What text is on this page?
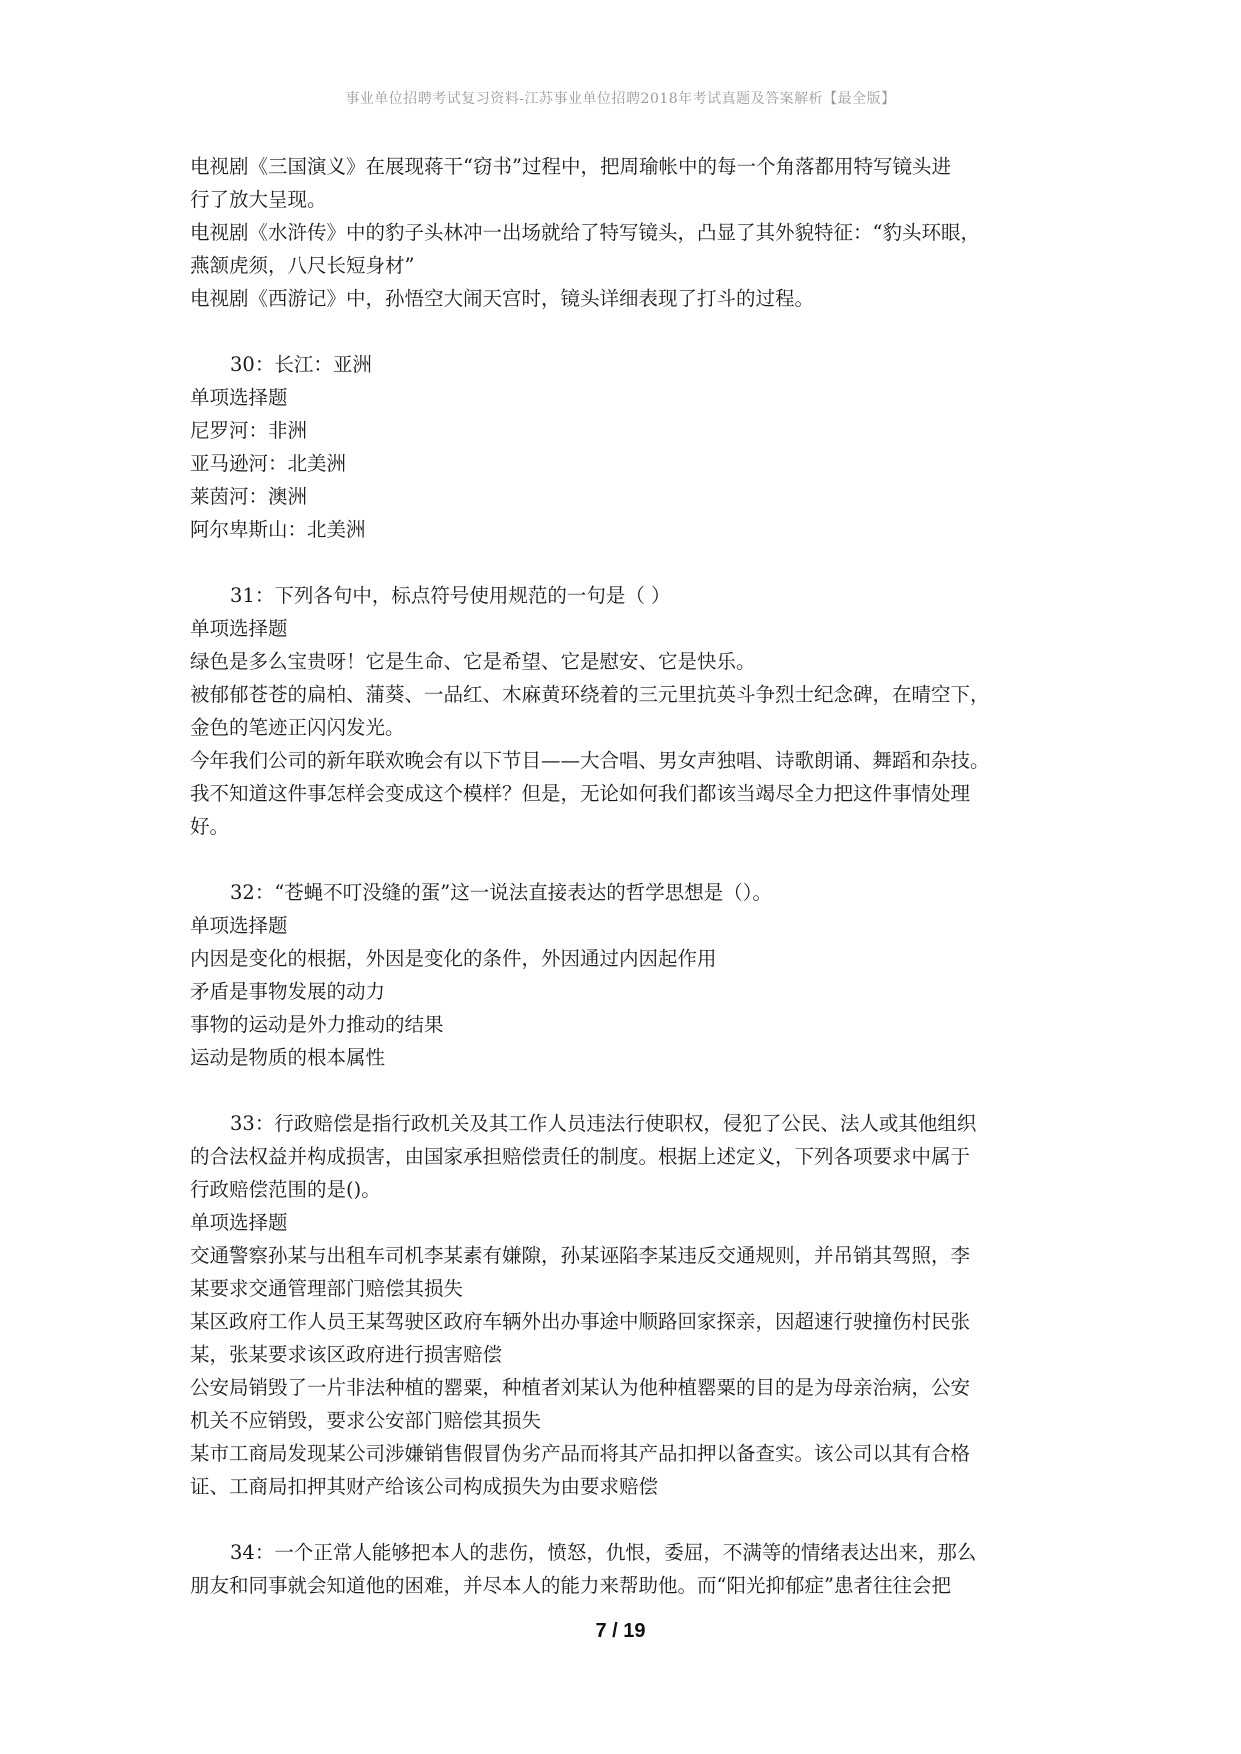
事业单位招聘考试复习资料-江苏事业单位招聘2018年考试真题及答案解析【最全版】

电视剧《三国演义》在展现蒋干“窃书”过程中，把周瑜帐中的每一个角落都用特写镜头进

行了放大呈现。

电视剧《水浒传》中的豹子头林冲一出场就给了特写镜头，凸显了其外貌特征：“豹头环眼，

燕颔虎须，八尺长短身材”

电视剧《西游记》中，孙悟空大闹天宫时，镜头详细表现了打斗的过程。

30：长江：亚洲

单项选择题

尼罗河：非洲

亚马逊河：北美洲

莱茵河：澳洲

阿尔卑斯山：北美洲

31：下列各句中，标点符号使用规范的一句是（ ）

单项选择题

绿色是多么宝贵呀！它是生命、它是希望、它是慰安、它是快乐。

被郁郁苍苍的扁柏、蒲葵、一品红、木麻黄环绕着的三元里抗英斗争烈士纪念碑，在晴空下，

金色的笔迹正闪闪发光。

今年我们公司的新年联欢晚会有以下节目——大合唱、男女声独唱、诗歌朗诵、舞蹈和杂技。

我不知道这件事怎样会变成这个模样？但是，无论如何我们都该当竭尽全力把这件事情处理

好。

32：“苍蝇不叮没缝的蛋”这一说法直接表达的哲学思想是（）。

单项选择题

内因是变化的根据，外因是变化的条件，外因通过内因起作用

矛盾是事物发展的动力

事物的运动是外力推动的结果

运动是物质的根本属性

33：行政赔偿是指行政机关及其工作人员违法行使职权，侵犯了公民、法人或其他组织

的合法权益并构成损害，由国家承担赔偿责任的制度。根据上述定义，下列各项要求中属于

行政赔偿范围的是()。

单项选择题

交通警察孙某与出租车司机李某素有嫌隙，孙某诬陷李某违反交通规则，并吊销其驾照，李

某要求交通管理部门赔偿其损失

某区政府工作人员王某驾驶区政府车辆外出办事途中顺路回家探亲，因超速行驶撞伤村民张

某，张某要求该区政府进行损害赔偿

公安局销毁了一片非法种植的罂粟，种植者刘某认为他种植罂粟的目的是为母亲治病，公安

机关不应销毁，要求公安部门赔偿其损失

某市工商局发现某公司涉嫌销售假冒伪劣产品而将其产品扣押以备查实。该公司以其有合格

证、工商局扣押其财产给该公司构成损失为由要求赔偿

34：一个正常人能够把本人的悲伤，愤怒，仇恨，委屈，不满等的情绪表达出来，那么

朋友和同事就会知道他的困难，并尽本人的能力来帮助他。而“阳光抑郁症”患者往往会把

7 / 19
